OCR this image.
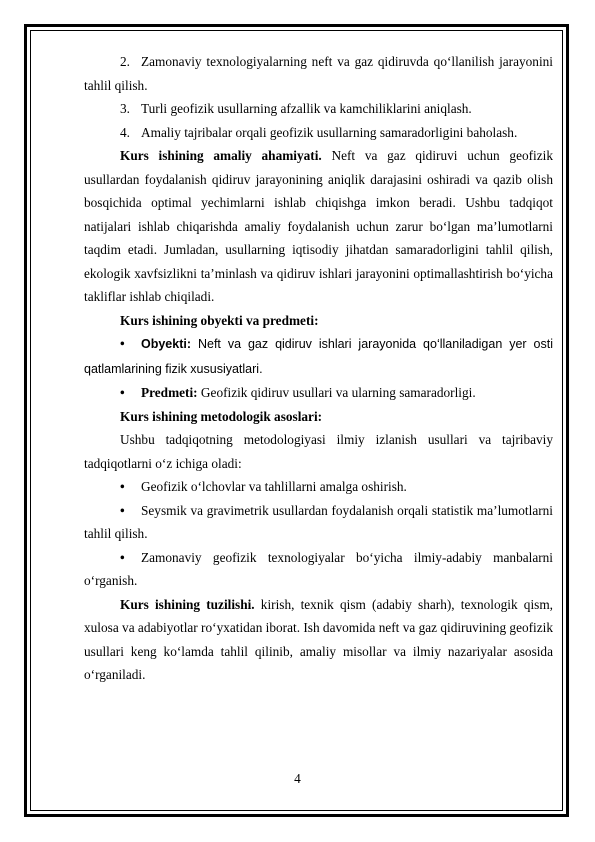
2. Zamonaviy texnologiyalarning neft va gaz qidiruvda qo‘llanilish jarayonini tahlil qilish.

3. Turli geofizik usullarning afzallik va kamchiliklarini aniqlash.

4. Amaliy tajribalar orqali geofizik usullarning samaradorligini baholash.

Kurs ishining amaliy ahamiyati. Neft va gaz qidiruvi uchun geofizik usullardan foydalanish qidiruv jarayonining aniqlik darajasini oshiradi va qazib olish bosqichida optimal yechimlarni ishlab chiqishga imkon beradi. Ushbu tadqiqot natijalari ishlab chiqarishda amaliy foydalanish uchun zarur bo‘lgan ma’lumotlarni taqdim etadi. Jumladan, usullarning iqtisodiy jihatdan samaradorligini tahlil qilish, ekologik xavfsizlikni ta’minlash va qidiruv ishlari jarayonini optimallashtirish bo‘yicha takliflar ishlab chiqiladi.

Kurs ishining obyekti va predmeti:

• Obyekti: Neft va gaz qidiruv ishlari jarayonida qo‘llaniladigan yer osti qatlamlarining fizik xususiyatlari.

• Predmeti: Geofizik qidiruv usullari va ularning samaradorligi.

Kurs ishining metodologik asoslari:

Ushbu tadqiqotning metodologiyasi ilmiy izlanish usullari va tajribaviy tadqiqotlarni o‘z ichiga oladi:

• Geofizik o‘lchovlar va tahlillarni amalga oshirish.

• Seysmik va gravimetrik usullardan foydalanish orqali statistik ma’lumotlarni tahlil qilish.

• Zamonaviy geofizik texnologiyalar bo‘yicha ilmiy-adabiy manbalarni o‘rganish.

Kurs ishining tuzilishi. kirish, texnik qism (adabiy sharh), texnologik qism, xulosa va adabiyotlar ro‘yxatidan iborat. Ish davomida neft va gaz qidiruvining geofizik usullari keng ko‘lamda tahlil qilinib, amaliy misollar va ilmiy nazariyalar asosida o‘rganiladi.

4
